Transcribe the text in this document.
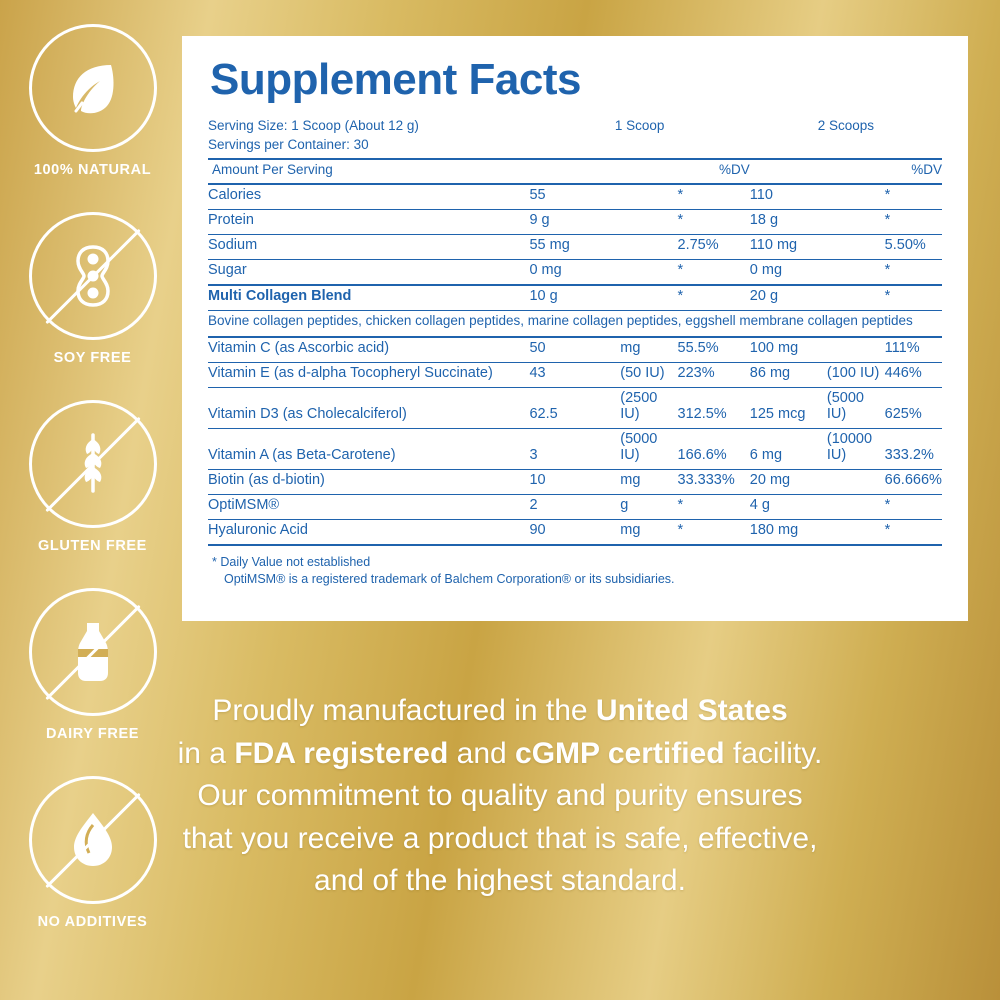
100% NATURAL
SOY FREE
GLUTEN FREE
DAIRY FREE
NO ADDITIVES
Supplement Facts
Serving Size: 1 Scoop (About 12 g)	1 Scoop			2 Scoops		
Servings per Container: 30						

Amount Per Serving			%DV			%DV

Calories	55		*	110		*

Protein	9 g		*	18 g		*

Sodium	55 mg		2.75%	110 mg		5.50%

Sugar	0 mg		*	0 mg		*

Multi Collagen Blend	10 g		*	20 g		*

Bovine collagen peptides, chicken collagen peptides, marine collagen peptides, eggshell membrane collagen peptides						

Vitamin C (as Ascorbic acid)	50	mg	55.5%	100 mg		111%

Vitamin E (as d-alpha Tocopheryl Succinate)	43	(50 IU)	223%	86 mg	(100 IU)	446%

Vitamin D3 (as Cholecalciferol)	62.5	(2500 IU)	312.5%	125 mcg	(5000 IU)	625%

Vitamin A (as Beta-Carotene)	3	(5000 IU)	166.6%	6 mg	(10000 IU)	333.2%

Biotin (as d-biotin)	10	mg	33.333%	20 mg		66.666%

OptiMSM®	2	g	*	4 g		*

Hyaluronic Acid	90	mg	*	180 mg		*

* Daily Value not established
OptiMSM® is a registered trademark of Balchem Corporation® or its subsidiaries.
Proudly manufactured in the United States
in a FDA registered and cGMP certified facility.
Our commitment to quality and purity ensures
that you receive a product that is safe, effective,
and of the highest standard.
